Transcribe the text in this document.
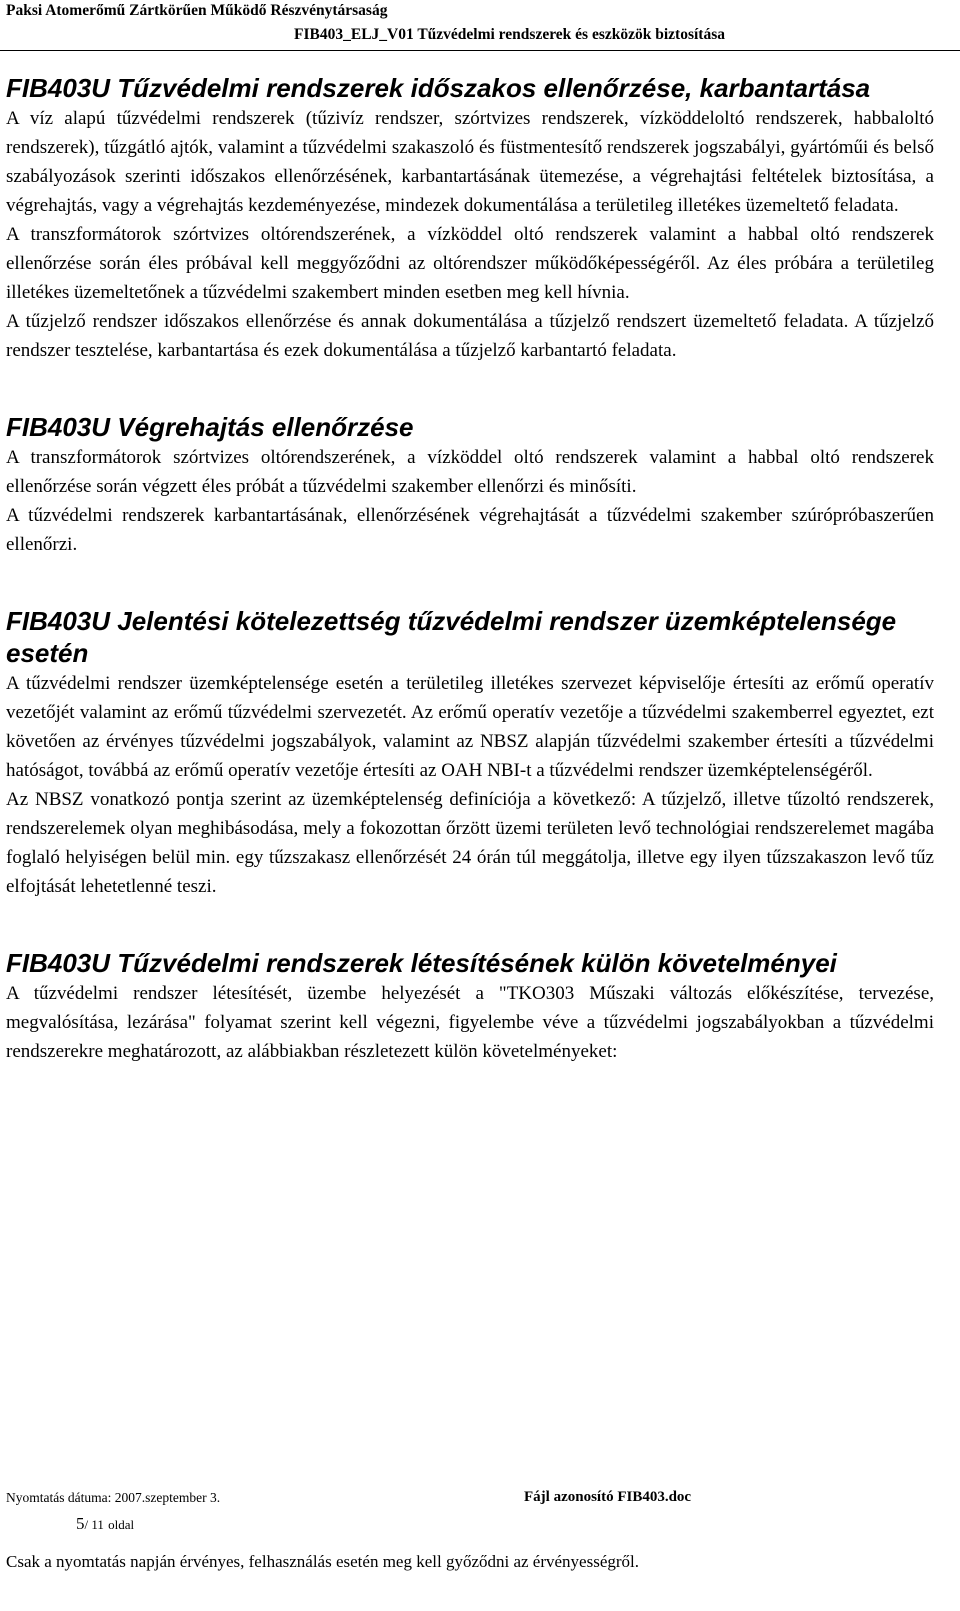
Paksi Atomerőmű Zártkörűen Működő Részvénytársaság
FIB403_ELJ_V01 Tűzvédelmi rendszerek és eszközök biztosítása
FIB403U Tűzvédelmi rendszerek időszakos ellenőrzése, karbantartása

A víz alapú tűzvédelmi rendszerek (tűzivíz rendszer, szórtvizes rendszerek, vízköddeloltó rendszerek, habbaloltó rendszerek), tűzgátló ajtók, valamint a tűzvédelmi szakaszoló és füstmentesítő rendszerek jogszabályi, gyártóműi és belső szabályozások szerinti időszakos ellenőrzésének, karbantartásának ütemezése, a végrehajtási feltételek biztosítása, a végrehajtás, vagy a végrehajtás kezdeményezése, mindezek dokumentálása a területileg illetékes üzemeltető feladata.

A transzformátorok szórtvizes oltórendszerének, a vízköddel oltó rendszerek valamint a habbal oltó rendszerek ellenőrzése során éles próbával kell meggyőződni az oltórendszer működőképességéről. Az éles próbára a területileg illetékes üzemeltetőnek a tűzvédelmi szakembert minden esetben meg kell hívnia.

A tűzjelző rendszer időszakos ellenőrzése és annak dokumentálása a tűzjelző rendszert üzemeltető feladata. A tűzjelző rendszer tesztelése, karbantartása és ezek dokumentálása a tűzjelző karbantartó feladata.

FIB403U Végrehajtás ellenőrzése

A transzformátorok szórtvizes oltórendszerének, a vízköddel oltó rendszerek valamint a habbal oltó rendszerek ellenőrzése során végzett éles próbát a tűzvédelmi szakember ellenőrzi és minősíti.

A tűzvédelmi rendszerek karbantartásának, ellenőrzésének végrehajtását a tűzvédelmi szakember szúrópróbaszerűen ellenőrzi.

FIB403U Jelentési kötelezettség tűzvédelmi rendszer üzemképtelensége esetén

A tűzvédelmi rendszer üzemképtelensége esetén a területileg illetékes szervezet képviselője értesíti az erőmű operatív vezetőjét valamint az erőmű tűzvédelmi szervezetét. Az erőmű operatív vezetője a tűzvédelmi szakemberrel egyeztet, ezt követően az érvényes tűzvédelmi jogszabályok, valamint az NBSZ alapján tűzvédelmi szakember értesíti a tűzvédelmi hatóságot, továbbá az erőmű operatív vezetője értesíti az OAH NBI-t a tűzvédelmi rendszer üzemképtelenségéről.

Az NBSZ vonatkozó pontja szerint az üzemképtelenség definíciója a következő: A tűzjelző, illetve tűzoltó rendszerek, rendszerelemek olyan meghibásodása, mely a fokozottan őrzött üzemi területen levő technológiai rendszerelemet magába foglaló helyiségen belül min. egy tűzszakasz ellenőrzését 24 órán túl meggátolja, illetve egy ilyen tűzszakaszon levő tűz elfojtását lehetetlenné teszi.

FIB403U Tűzvédelmi rendszerek létesítésének külön követelményei

A tűzvédelmi rendszer létesítését, üzembe helyezését a "TKO303 Műszaki változás előkészítése, tervezése, megvalósítása, lezárása" folyamat szerint kell végezni, figyelembe véve a tűzvédelmi jogszabályokban a tűzvédelmi rendszerekre meghatározott, az alábbiakban részletezett külön követelményeket:

Nyomtatás dátuma: 2007.szeptember 3.	Fájl azonosító FIB403.doc
5/ 11 oldal
Csak a nyomtatás napján érvényes, felhasználás esetén meg kell győződni az érvényességről.
